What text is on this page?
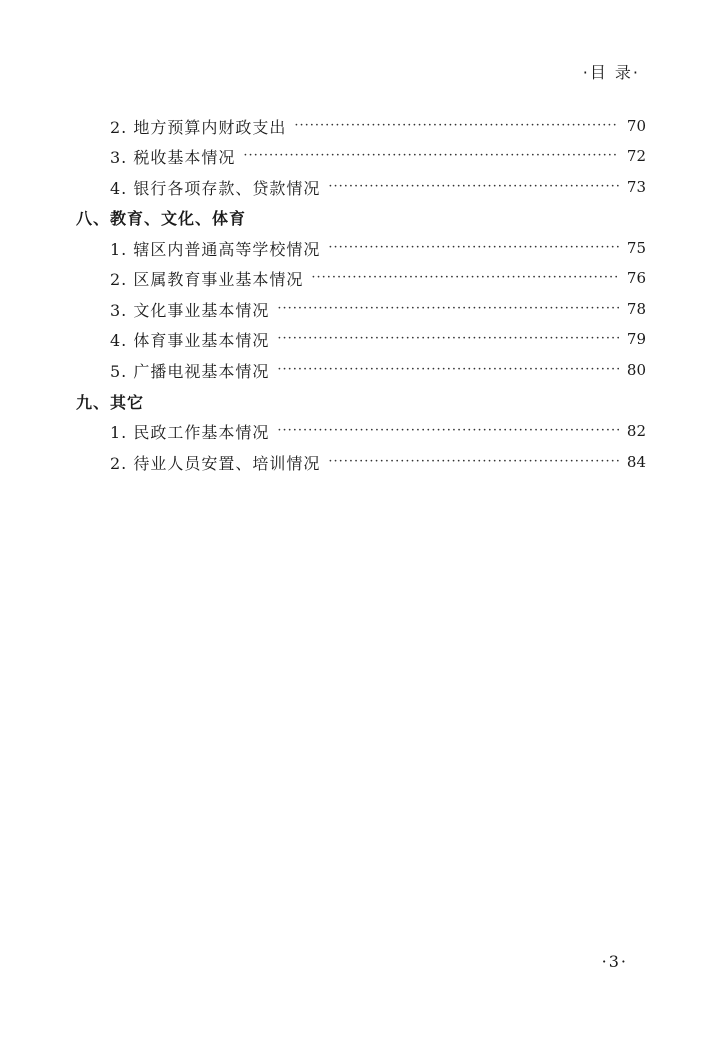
·目 录·
2. 地方预算内财政支出 ·····	70
3. 税收基本情况 ·····	72
4. 银行各项存款、贷款情况 ·····	73
八、教育、文化、体育
1. 辖区内普通高等学校情况 ·····	75
2. 区属教育事业基本情况 ·····	76
3. 文化事业基本情况 ·····	78
4. 体育事业基本情况 ·····	79
5. 广播电视基本情况 ·····	80
九、其它
1. 民政工作基本情况 ·····	82
2. 待业人员安置、培训情况 ·····	84
·3·
